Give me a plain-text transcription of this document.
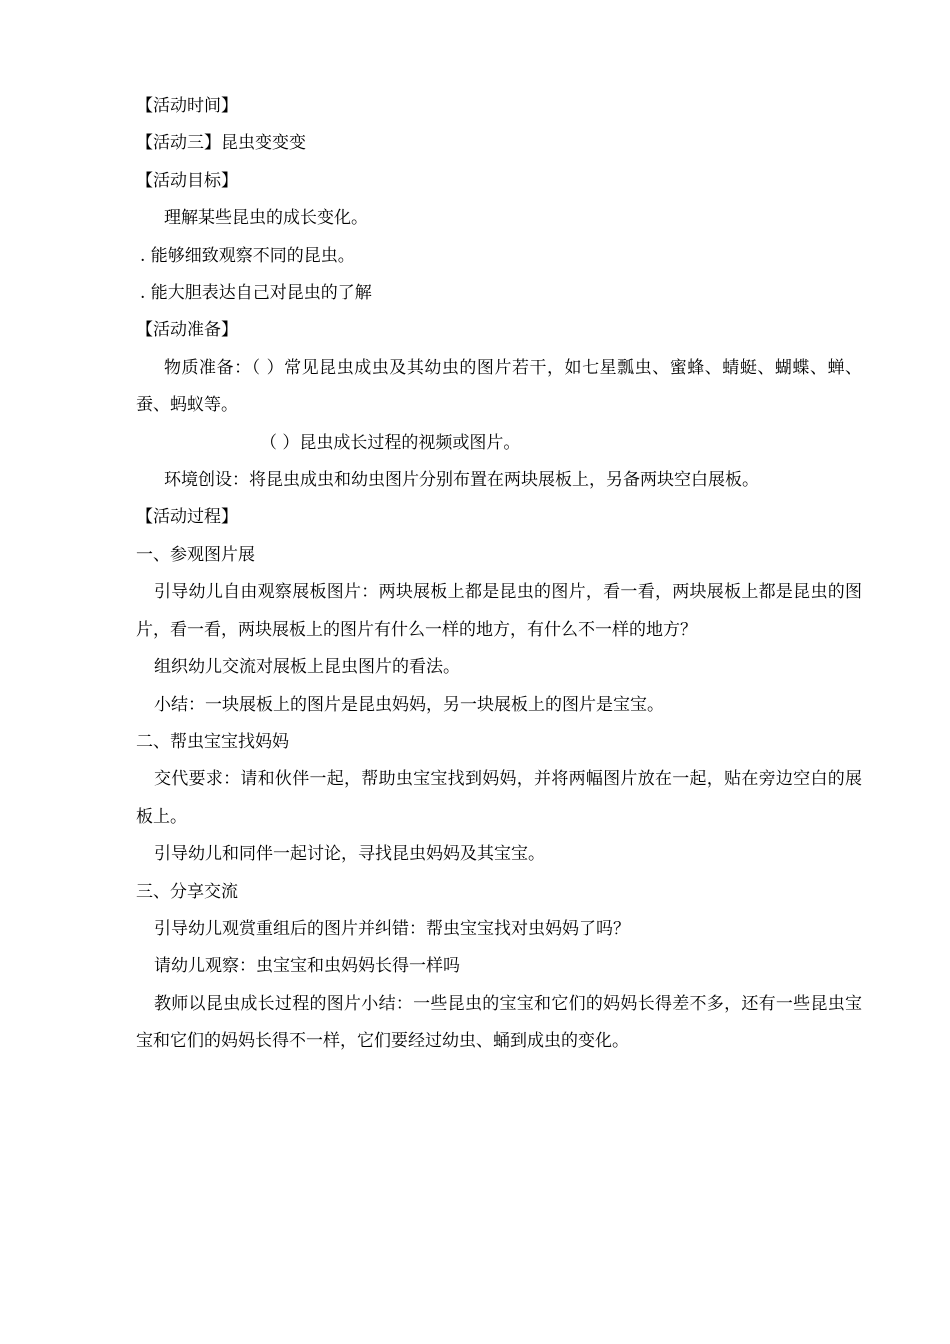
【活动时间】
【活动三】昆虫变变变
【活动目标】
理解某些昆虫的成长变化。
. 能够细致观察不同的昆虫。
. 能大胆表达自己对昆虫的了解
【活动准备】
物质准备：（ ）常见昆虫成虫及其幼虫的图片若干，如七星瓢虫、蜜蜂、蜻蜓、蝴蝶、蝉、蚕、蚂蚁等。
（ ）昆虫成长过程的视频或图片。
环境创设：将昆虫成虫和幼虫图片分别布置在两块展板上，另备两块空白展板。
【活动过程】
一、参观图片展
引导幼儿自由观察展板图片：两块展板上都是昆虫的图片，看一看，两块展板上都是昆虫的图片，看一看，两块展板上的图片有什么一样的地方，有什么不一样的地方？
组织幼儿交流对展板上昆虫图片的看法。
小结：一块展板上的图片是昆虫妈妈，另一块展板上的图片是宝宝。
二、帮虫宝宝找妈妈
交代要求：请和伙伴一起，帮助虫宝宝找到妈妈，并将两幅图片放在一起，贴在旁边空白的展板上。
引导幼儿和同伴一起讨论，寻找昆虫妈妈及其宝宝。
三、分享交流
引导幼儿观赏重组后的图片并纠错：帮虫宝宝找对虫妈妈了吗？
请幼儿观察：虫宝宝和虫妈妈长得一样吗
教师以昆虫成长过程的图片小结：一些昆虫的宝宝和它们的妈妈长得差不多，还有一些昆虫宝宝和它们的妈妈长得不一样，它们要经过幼虫、蛹到成虫的变化。
